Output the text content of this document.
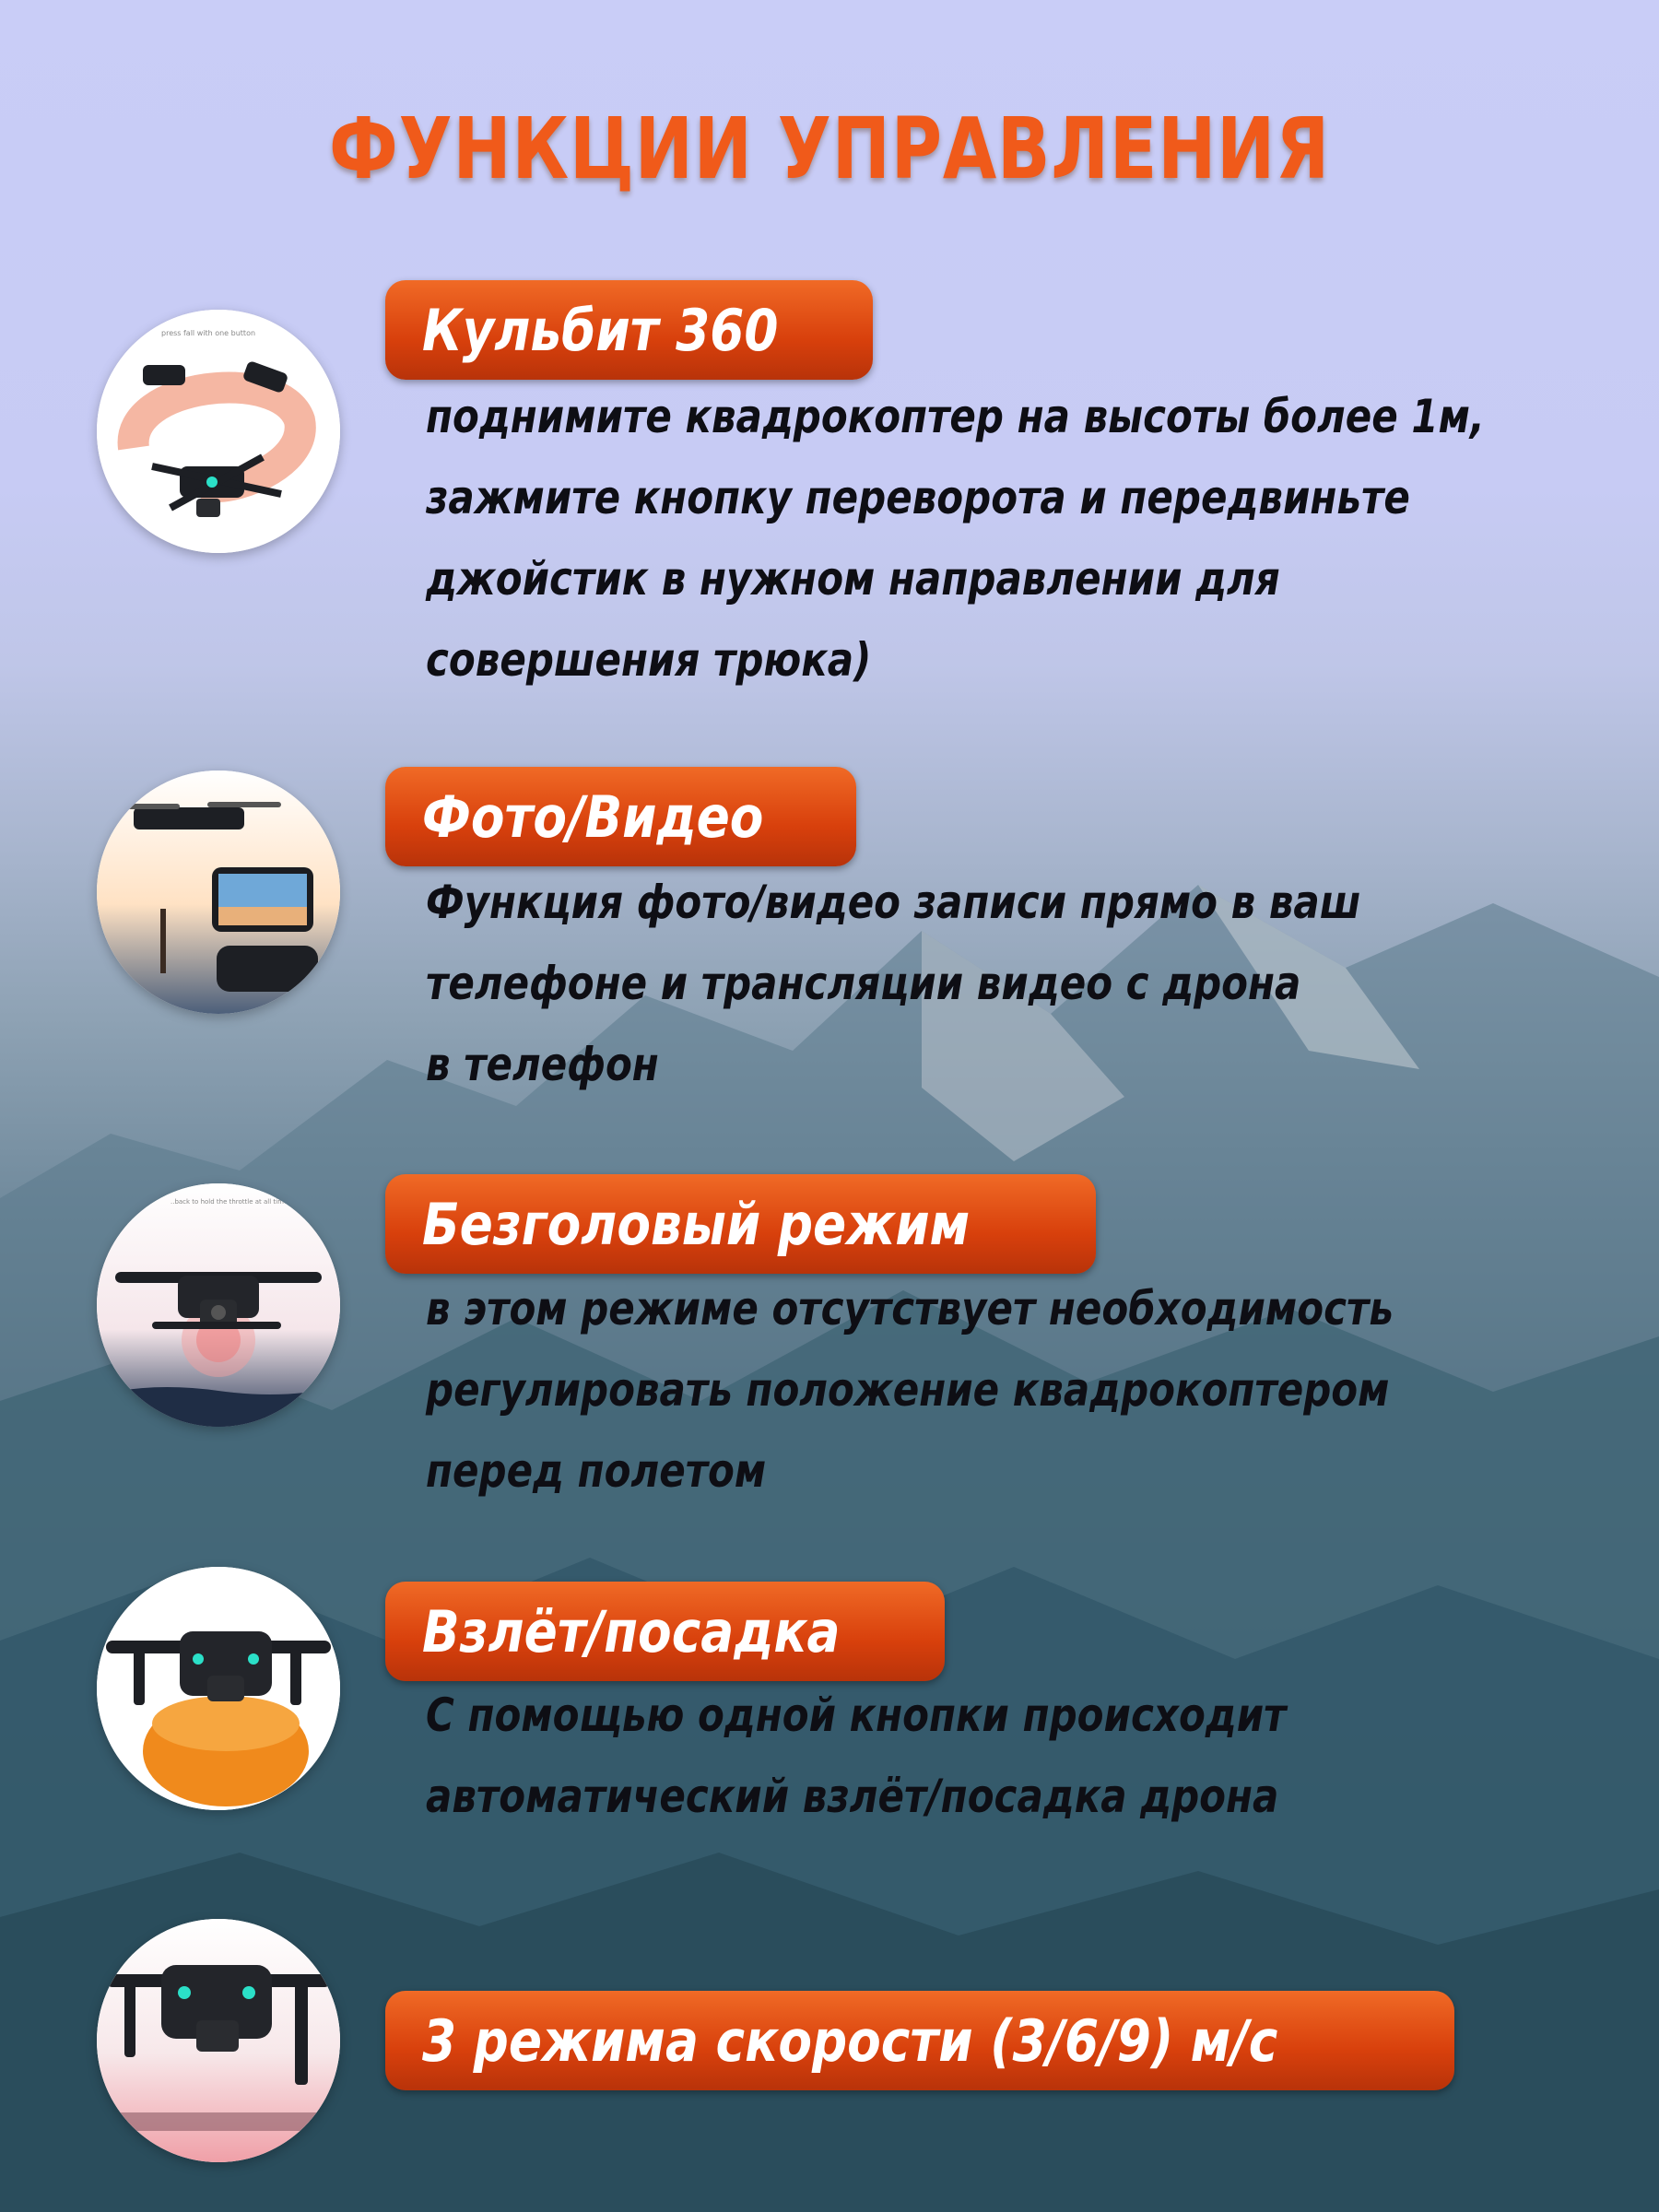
ФУНКЦИИ УПРАВЛЕНИЯ
press fall with one button	Кульбит 360
поднимите квадрокоптер на высоты более 1м,
зажмите кнопку переворота и передвиньте
джойстик в нужном направлении для
совершения трюка)
Фото/Видео
Функция фото/видео записи прямо в ваш
телефоне и трансляции видео с дрона
в телефон
..back to hold the throttle at all times Безголовый режим
в этом режиме отсутствует необходимость
регулировать положение квадрокоптером
перед полетом
Взлёт/посадка
С помощью одной кнопки происходит
автоматический взлёт/посадка дрона
3 режима скорости (3/6/9) м/с
